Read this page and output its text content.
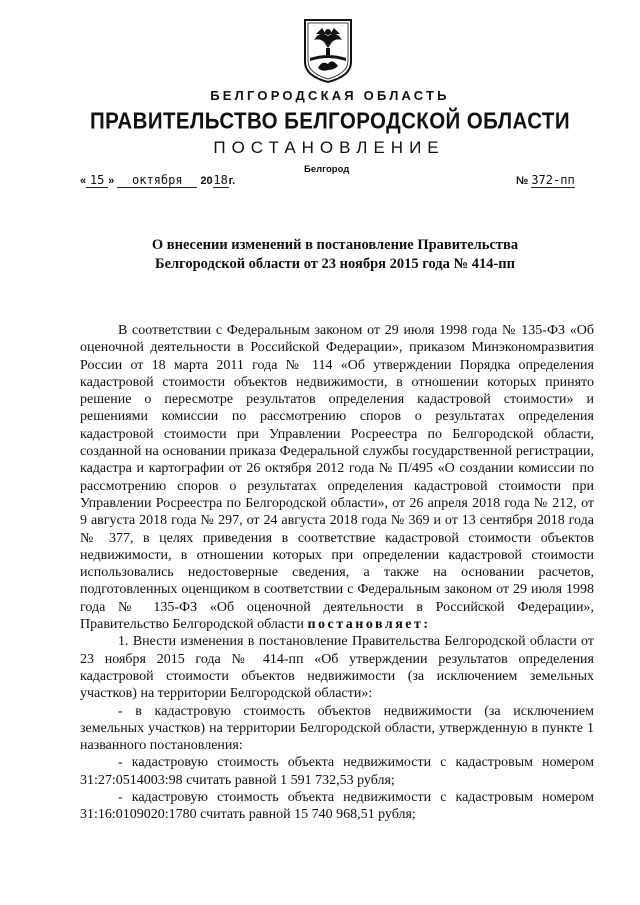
БЕЛГОРОДСКАЯ ОБЛАСТЬ
ПРАВИТЕЛЬСТВО БЕЛГОРОДСКОЙ ОБЛАСТИ
ПОСТАНОВЛЕНИЕ
Белгород
« 15 » октября 2018г.	№ 372-пп
О внесении изменений в постановление Правительства
Белгородской области от 23 ноября 2015 года № 414-пп

В соответствии с Федеральным законом от 29 июля 1998 года № 135-ФЗ «Об оценочной деятельности в Российской Федерации», приказом Минэкономразвития России от 18 марта 2011 года № 114 «Об утверждении Порядка определения кадастровой стоимости объектов недвижимости, в отношении которых принято решение о пересмотре результатов определения кадастровой стоимости» и решениями комиссии по рассмотрению споров о результатах определения кадастровой стоимости при Управлении Росреестра по Белгородской области, созданной на основании приказа Федеральной службы государственной регистрации, кадастра и картографии от 26 октября 2012 года № П/495 «О создании комиссии по рассмотрению споров о результатах определения кадастровой стоимости при Управлении Росреестра по Белгородской области», от 26 апреля 2018 года № 212, от 9 августа 2018 года № 297, от 24 августа 2018 года № 369 и от 13 сентября 2018 года № 377, в целях приведения в соответствие кадастровой стоимости объектов недвижимости, в отношении которых при определении кадастровой стоимости использовались недостоверные сведения, а также на основании расчетов, подготовленных оценщиком в соответствии с Федеральным законом от 29 июля 1998 года № 135-ФЗ «Об оценочной деятельности в Российской Федерации», Правительство Белгородской области постановляет:

1. Внести изменения в постановление Правительства Белгородской области от 23 ноября 2015 года № 414-пп «Об утверждении результатов определения кадастровой стоимости объектов недвижимости (за исключением земельных участков) на территории Белгородской области»:

- в кадастровую стоимость объектов недвижимости (за исключением земельных участков) на территории Белгородской области, утвержденную в пункте 1 названного постановления:

- кадастровую стоимость объекта недвижимости с кадастровым номером 31:27:0514003:98 считать равной 1 591 732,53 рубля;

- кадастровую стоимость объекта недвижимости с кадастровым номером 31:16:0109020:1780 считать равной 15 740 968,51 рубля;
